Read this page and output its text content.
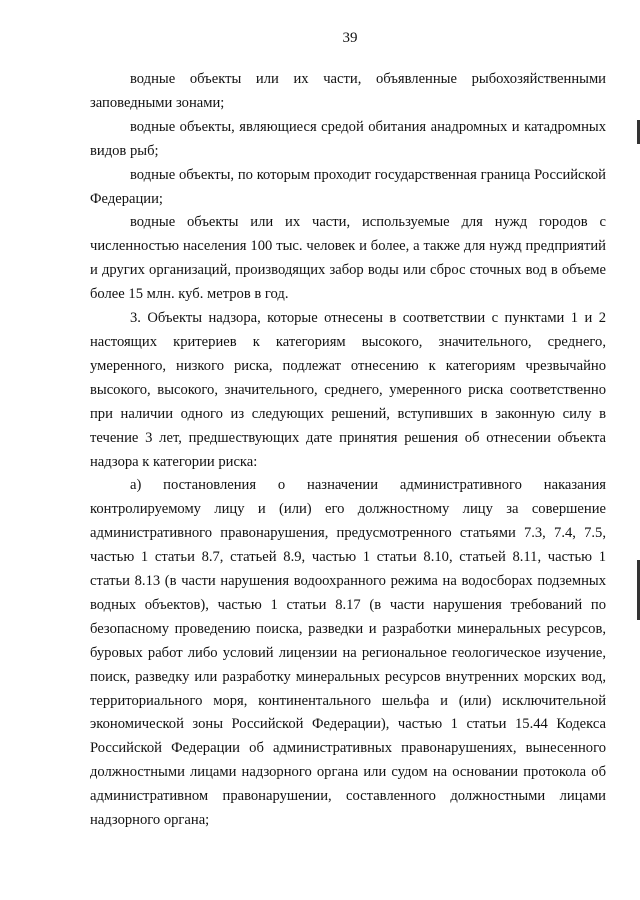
39

водные объекты или их части, объявленные рыбохозяйственными заповедными зонами;

водные объекты, являющиеся средой обитания анадромных и катадромных видов рыб;

водные объекты, по которым проходит государственная граница Российской Федерации;

водные объекты или их части, используемые для нужд городов с численностью населения 100 тыс. человек и более, а также для нужд предприятий и других организаций, производящих забор воды или сброс сточных вод в объеме более 15 млн. куб. метров в год.

3. Объекты надзора, которые отнесены в соответствии с пунктами 1 и 2 настоящих критериев к категориям высокого, значительного, среднего, умеренного, низкого риска, подлежат отнесению к категориям чрезвычайно высокого, высокого, значительного, среднего, умеренного риска соответственно при наличии одного из следующих решений, вступивших в законную силу в течение 3 лет, предшествующих дате принятия решения об отнесении объекта надзора к категории риска:

а) постановления о назначении административного наказания контролируемому лицу и (или) его должностному лицу за совершение административного правонарушения, предусмотренного статьями 7.3, 7.4, 7.5, частью 1 статьи 8.7, статьей 8.9, частью 1 статьи 8.10, статьей 8.11, частью 1 статьи 8.13 (в части нарушения водоохранного режима на водосборах подземных водных объектов), частью 1 статьи 8.17 (в части нарушения требований по безопасному проведению поиска, разведки и разработки минеральных ресурсов, буровых работ либо условий лицензии на региональное геологическое изучение, поиск, разведку или разработку минеральных ресурсов внутренних морских вод, территориального моря, континентального шельфа и (или) исключительной экономической зоны Российской Федерации), частью 1 статьи 15.44 Кодекса Российской Федерации об административных правонарушениях, вынесенного должностными лицами надзорного органа или судом на основании протокола об административном правонарушении, составленного должностными лицами надзорного органа;
